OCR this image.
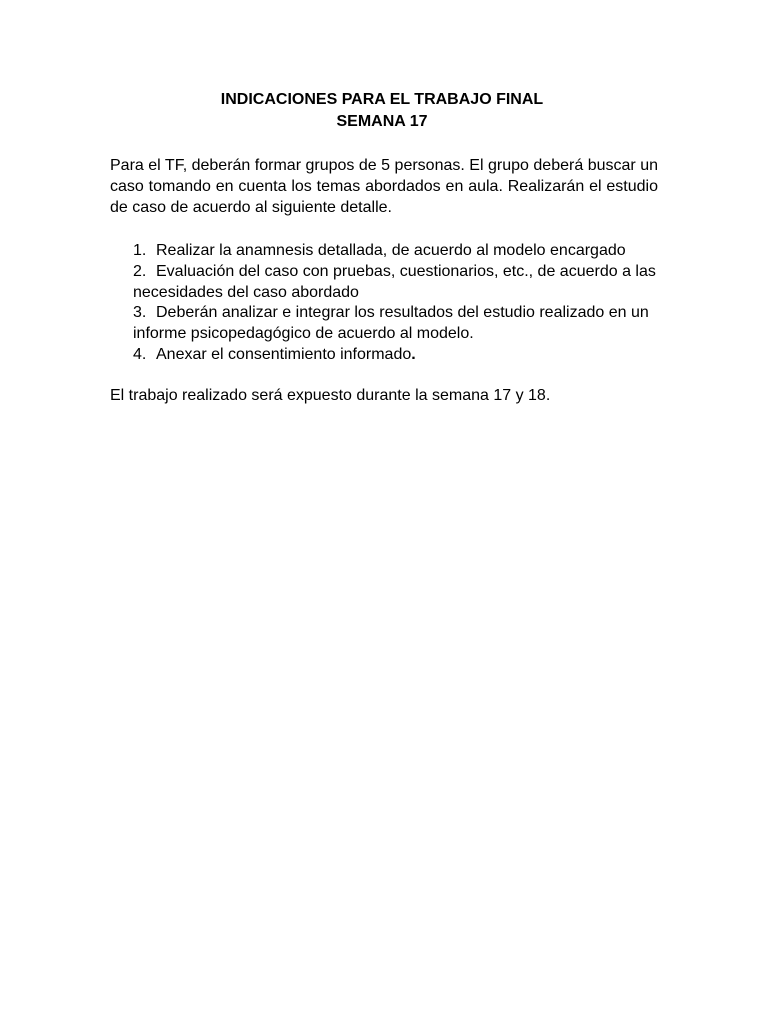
INDICACIONES PARA EL TRABAJO FINAL
SEMANA 17
Para el TF, deberán formar grupos de 5 personas. El grupo deberá buscar un caso tomando en cuenta los temas abordados en aula. Realizarán el estudio de caso de acuerdo al siguiente detalle.

1. Realizar la anamnesis detallada, de acuerdo al modelo encargado

2. Evaluación del caso con pruebas, cuestionarios, etc., de acuerdo a las necesidades del caso abordado

3. Deberán analizar e integrar los resultados del estudio realizado en un informe psicopedagógico de acuerdo al modelo.

4. Anexar el consentimiento informado.

El trabajo realizado será expuesto durante la semana 17 y 18.
